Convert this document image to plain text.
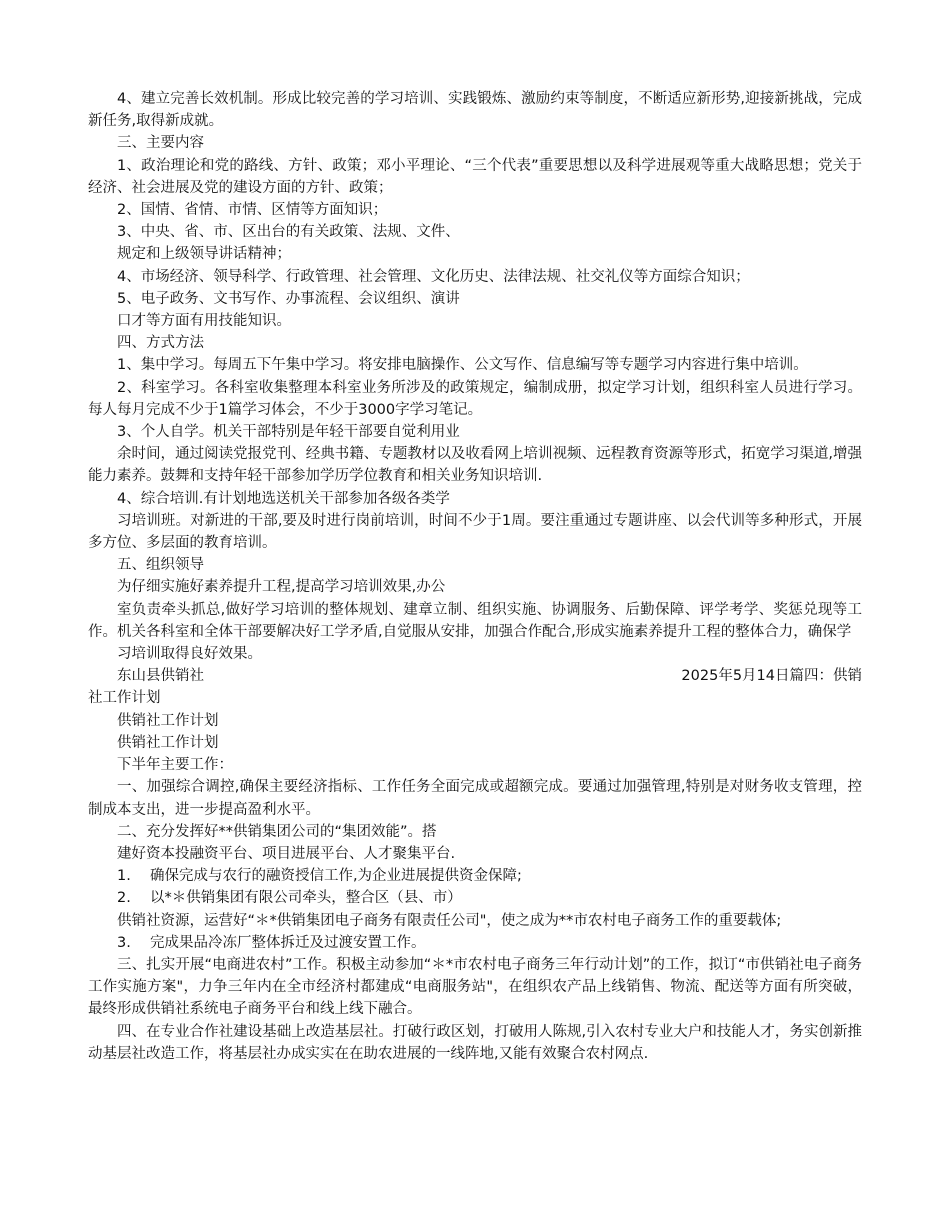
4、建立完善长效机制。形成比较完善的学习培训、实践锻炼、激励约束等制度，不断适应新形势,迎接新挑战，完成新任务,取得新成就。

三、主要内容

1、政治理论和党的路线、方针、政策；邓小平理论、“三个代表”重要思想以及科学进展观等重大战略思想；党关于经济、社会进展及党的建设方面的方针、政策；

2、国情、省情、市情、区情等方面知识；

3、中央、省、市、区出台的有关政策、法规、文件、

规定和上级领导讲话精神；

4、市场经济、领导科学、行政管理、社会管理、文化历史、法律法规、社交礼仪等方面综合知识；

5、电子政务、文书写作、办事流程、会议组织、演讲

口才等方面有用技能知识。

四、方式方法

1、集中学习。每周五下午集中学习。将安排电脑操作、公文写作、信息编写等专题学习内容进行集中培训。

2、科室学习。各科室收集整理本科室业务所涉及的政策规定，编制成册，拟定学习计划，组织科室人员进行学习。每人每月完成不少于1篇学习体会，不少于3000字学习笔记。

3、个人自学。机关干部特别是年轻干部要自觉利用业

余时间，通过阅读党报党刊、经典书籍、专题教材以及收看网上培训视频、远程教育资源等形式，拓宽学习渠道,增强能力素养。鼓舞和支持年轻干部参加学历学位教育和相关业务知识培训.

4、综合培训.有计划地选送机关干部参加各级各类学

习培训班。对新进的干部,要及时进行岗前培训，时间不少于1周。要注重通过专题讲座、以会代训等多种形式，开展多方位、多层面的教育培训。

五、组织领导

为仔细实施好素养提升工程,提高学习培训效果,办公

室负责牵头抓总,做好学习培训的整体规划、建章立制、组织实施、协调服务、后勤保障、评学考学、奖惩兑现等工作。机关各科室和全体干部要解决好工学矛盾,自觉服从安排，加强合作配合,形成实施素养提升工程的整体合力，确保学

习培训取得良好效果。

东山县供销社	2025年5月14日篇四：供销

社工作计划

供销社工作计划

供销社工作计划

下半年主要工作：

一、加强综合调控,确保主要经济指标、工作任务全面完成或超额完成。要通过加强管理,特别是对财务收支管理，控制成本支出，进一步提高盈利水平。

二、充分发挥好**供销集团公司的“集团效能”。搭

建好资本投融资平台、项目进展平台、人才聚集平台.

1.　 确保完成与农行的融资授信工作,为企业进展提供资金保障;

2.　 以*＊供销集团有限公司牵头，整合区（县、市）

供销社资源，运营好“＊*供销集团电子商务有限责任公司"，使之成为**市农村电子商务工作的重要载体;

3.　 完成果品冷冻厂整体拆迁及过渡安置工作。

三、扎实开展“电商进农村”工作。积极主动参加“＊*市农村电子商务三年行动计划”的工作，拟订“市供销社电子商务工作实施方案"，力争三年内在全市经济村都建成“电商服务站"，在组织农产品上线销售、物流、配送等方面有所突破，最终形成供销社系统电子商务平台和线上线下融合。

四、在专业合作社建设基础上改造基层社。打破行政区划，打破用人陈规,引入农村专业大户和技能人才，务实创新推动基层社改造工作，将基层社办成实实在在助农进展的一线阵地,又能有效聚合农村网点.
